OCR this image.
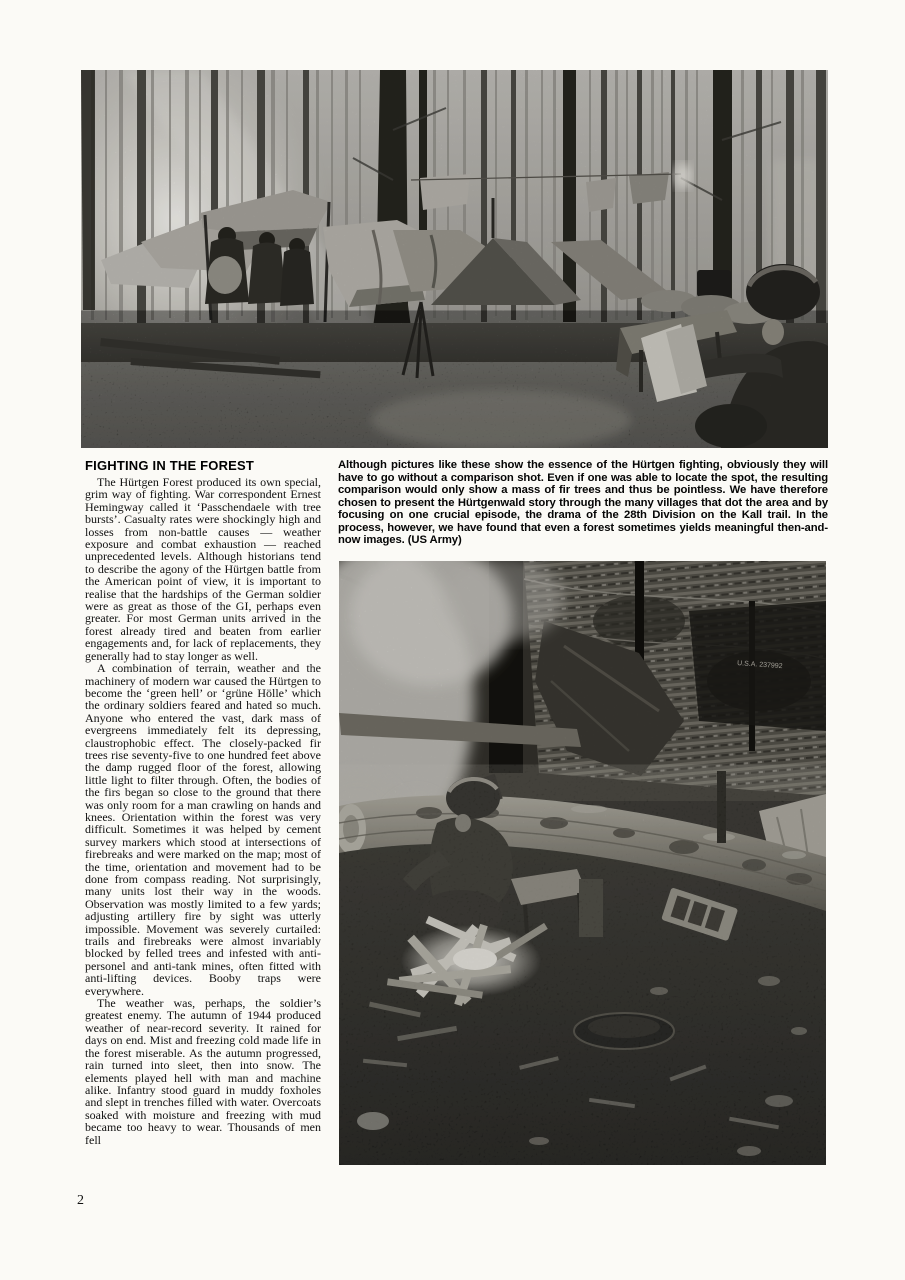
FIGHTING IN THE FOREST

The Hürtgen Forest produced its own special, grim way of fighting. War correspondent Ernest Hemingway called it ‘Passchendaele with tree bursts’. Casualty rates were shockingly high and losses from non-battle causes — weather exposure and combat exhaustion — reached unprecedented levels. Although historians tend to describe the agony of the Hürtgen battle from the American point of view, it is important to realise that the hardships of the German soldier were as great as those of the GI, perhaps even greater. For most German units arrived in the forest already tired and beaten from earlier engagements and, for lack of replacements, they generally had to stay longer as well.

A combination of terrain, weather and the machinery of modern war caused the Hürtgen to become the ‘green hell’ or ‘grüne Hölle’ which the ordinary soldiers feared and hated so much. Anyone who entered the vast, dark mass of evergreens immediately felt its depressing, claustrophobic effect. The closely-packed fir trees rise seventy-five to one hundred feet above the damp rugged floor of the forest, allowing little light to filter through. Often, the bodies of the firs began so close to the ground that there was only room for a man crawling on hands and knees. Orientation within the forest was very difficult. Sometimes it was helped by cement survey markers which stood at intersections of firebreaks and were marked on the map; most of the time, orientation and movement had to be done from compass reading. Not surprisingly, many units lost their way in the woods. Observation was mostly limited to a few yards; adjusting artillery fire by sight was utterly impossible. Movement was severely curtailed: trails and firebreaks were almost invariably blocked by felled trees and infested with anti-personel and anti-tank mines, often fitted with anti-lifting devices. Booby traps were everywhere.

The weather was, perhaps, the soldier’s greatest enemy. The autumn of 1944 produced weather of near-record severity. It rained for days on end. Mist and freezing cold made life in the forest miserable. As the autumn progressed, rain turned into sleet, then into snow. The elements played hell with man and machine alike. Infantry stood guard in muddy foxholes and slept in trenches filled with water. Overcoats soaked with moisture and freezing with mud became too heavy to wear. Thousands of men fell

Although pictures like these show the essence of the Hürtgen fighting, obviously they will have to go without a comparison shot. Even if one was able to locate the spot, the resulting comparison would only show a mass of fir trees and thus be pointless. We have therefore chosen to present the Hürtgenwald story through the many villages that dot the area and by focusing on one crucial episode, the drama of the 28th Division on the Kall trail. In the process, however, we have found that even a forest sometimes yields meaningful then-and-now images. (US Army)
U.S.A. 237992
2
